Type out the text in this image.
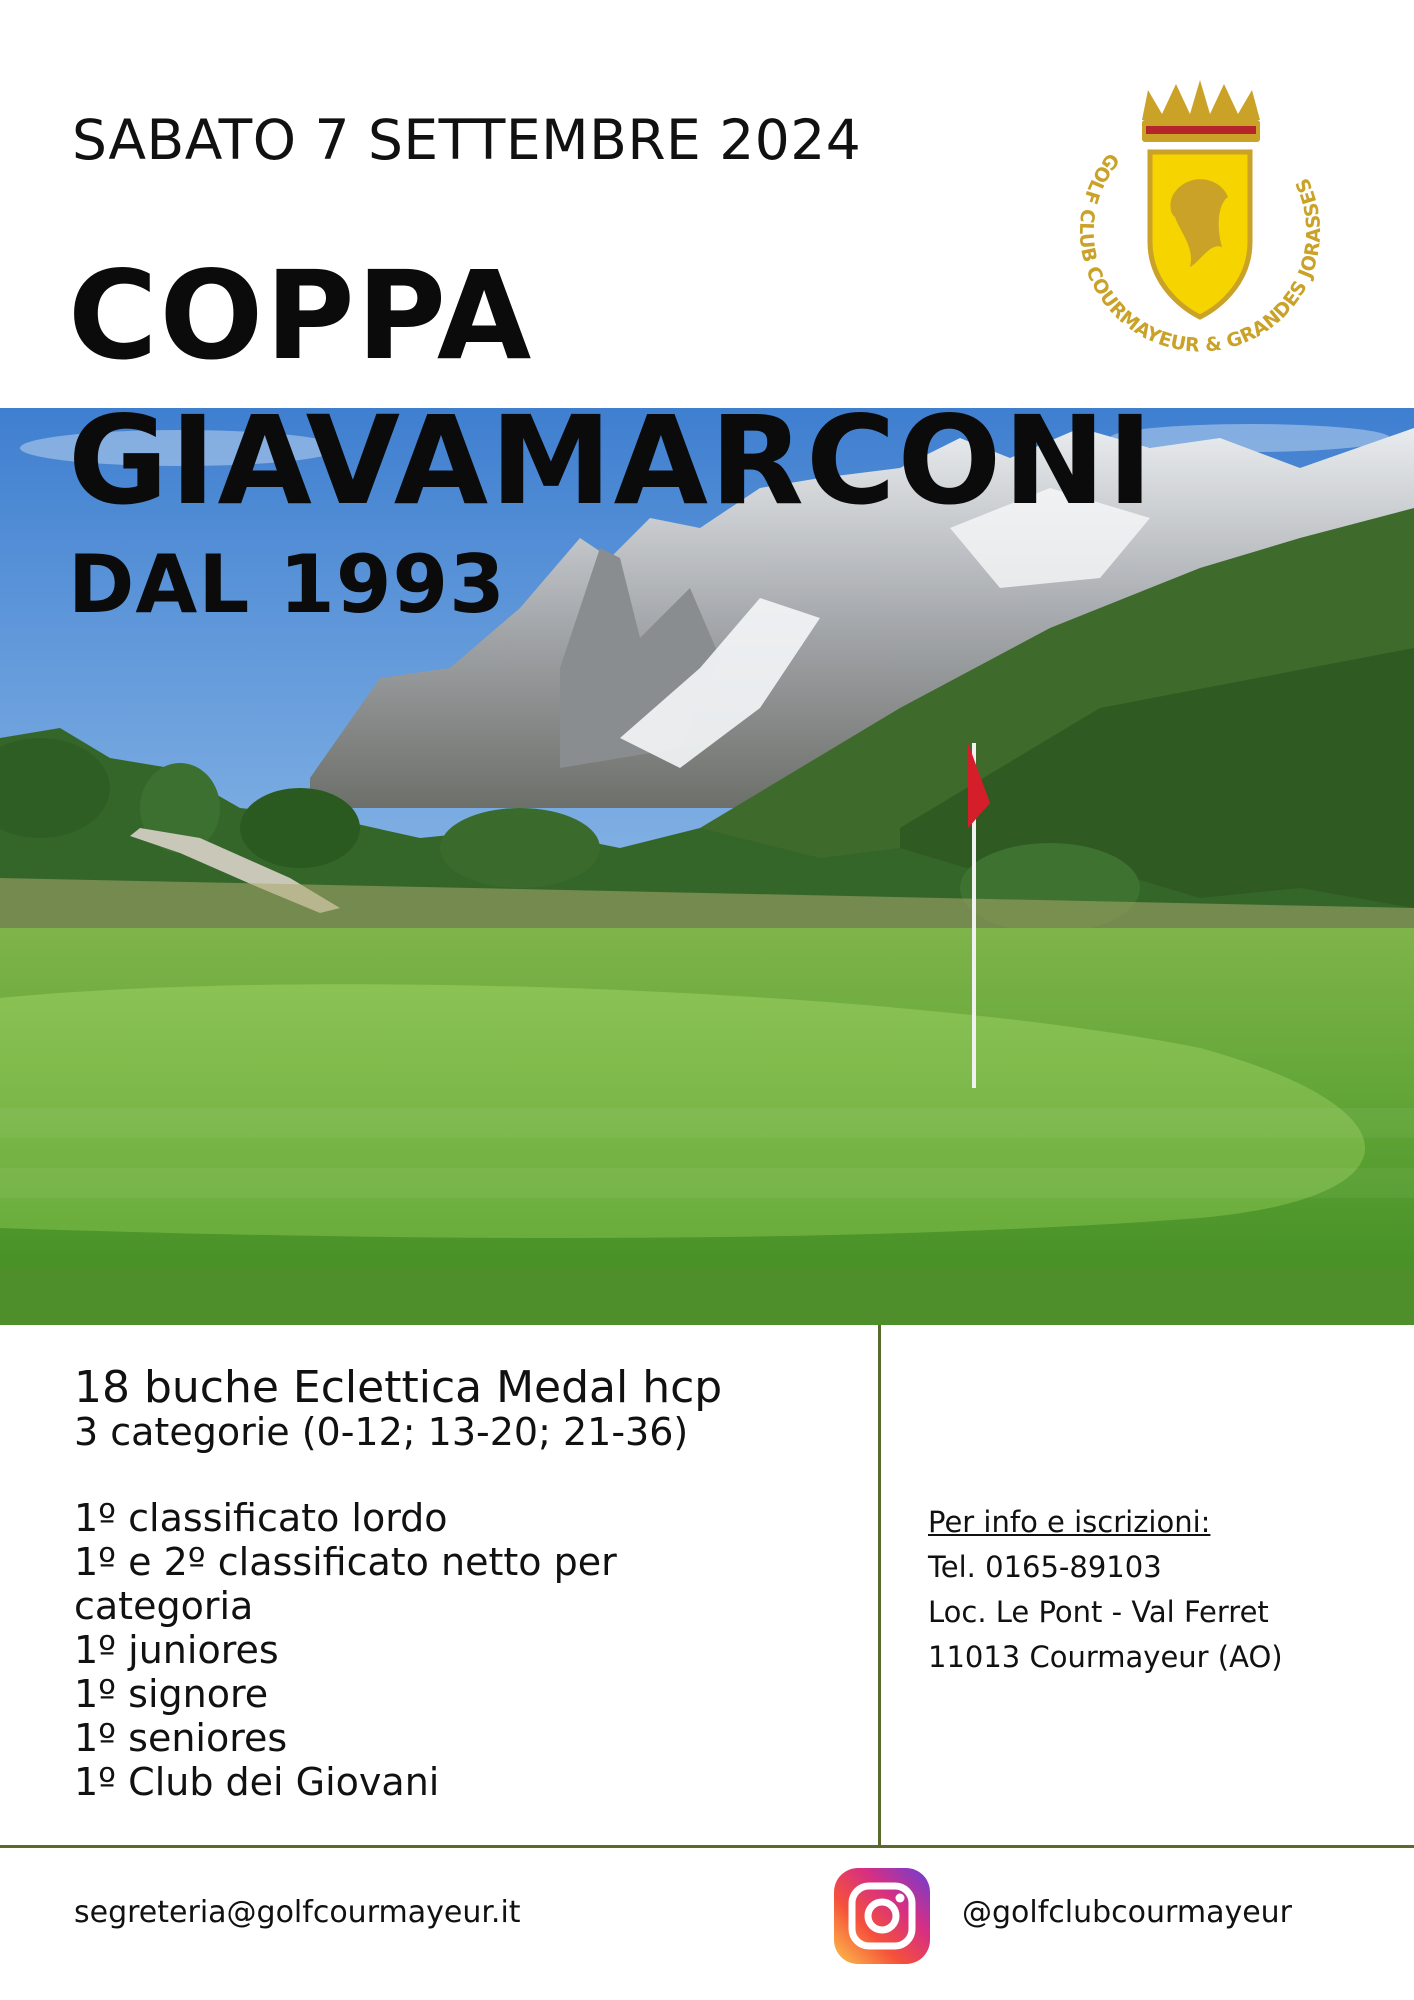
SABATO 7 SETTEMBRE 2024
COPPA
GIAVAMARCONI
DAL 1993
GOLF CLUB COURMAYEUR & GRANDES JORASSES
18 buche Eclettica Medal hcp
3 categorie (0-12; 13-20; 21-36)
1º classificato lordo
1º e 2º classificato netto per
categoria
1º juniores
1º signore
1º seniores
1º Club dei Giovani
Per info e iscrizioni:
Tel. 0165-89103
Loc. Le Pont - Val Ferret
11013 Courmayeur (AO)
segreteria@golfcourmayeur.it	@golfclubcourmayeur
